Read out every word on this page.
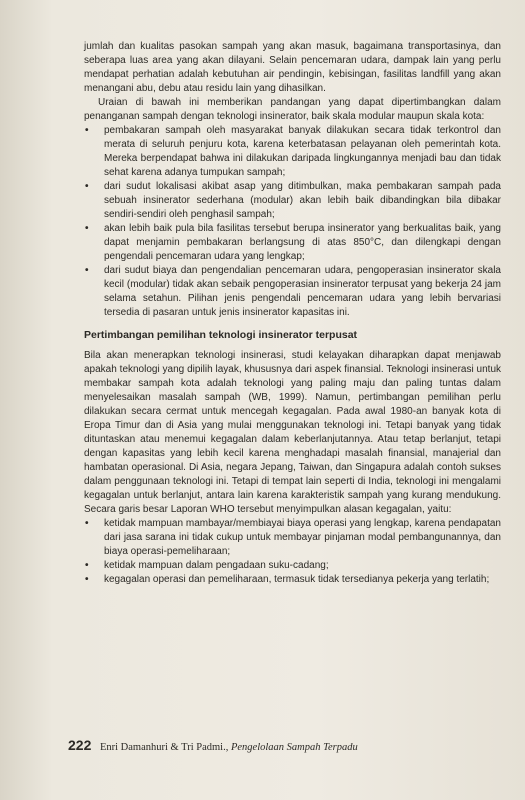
jumlah dan kualitas pasokan sampah yang akan masuk, bagaimana transportasinya, dan seberapa luas area yang akan dilayani. Selain pencemaran udara, dampak lain yang perlu mendapat perhatian adalah kebutuhan air pendingin, kebisingan, fasilitas landfill yang akan menangani abu, debu atau residu lain yang dihasilkan.

Uraian di bawah ini memberikan pandangan yang dapat dipertimbangkan dalam penanganan sampah dengan teknologi insinerator, baik skala modular maupun skala kota:

•	pembakaran sampah oleh masyarakat banyak dilakukan secara tidak terkontrol dan merata di seluruh penjuru kota, karena keterbatasan pelayanan oleh pemerintah kota. Mereka berpendapat bahwa ini dilakukan daripada lingkungannya menjadi bau dan tidak sehat karena adanya tumpukan sampah;
•	dari sudut lokalisasi akibat asap yang ditimbulkan, maka pembakaran sampah pada sebuah insinerator sederhana (modular) akan lebih baik dibandingkan bila dibakar sendiri-sendiri oleh penghasil sampah;
•	akan lebih baik pula bila fasilitas tersebut berupa insinerator yang berkualitas baik, yang dapat menjamin pembakaran berlangsung di atas 850°C, dan dilengkapi dengan pengendali pencemaran udara yang lengkap;
•	dari sudut biaya dan pengendalian pencemaran udara, pengoperasian insinerator skala kecil (modular) tidak akan sebaik pengoperasian insinerator terpusat yang bekerja 24 jam selama setahun. Pilihan jenis pengendali pencemaran udara yang lebih bervariasi tersedia di pasaran untuk jenis insinerator kapasitas ini.

Pertimbangan pemilihan teknologi insinerator terpusat

Bila akan menerapkan teknologi insinerasi, studi kelayakan diharapkan dapat menjawab apakah teknologi yang dipilih layak, khususnya dari aspek finansial. Teknologi insinerasi untuk membakar sampah kota adalah teknologi yang paling maju dan paling tuntas dalam menyelesaikan masalah sampah (WB, 1999). Namun, pertimbangan pemilihan perlu dilakukan secara cermat untuk mencegah kegagalan. Pada awal 1980-an banyak kota di Eropa Timur dan di Asia yang mulai menggunakan teknologi ini. Tetapi banyak yang tidak dituntaskan atau menemui kegagalan dalam keberlanjutannya. Atau tetap berlanjut, tetapi dengan kapasitas yang lebih kecil karena menghadapi masalah finansial, manajerial dan hambatan operasional. Di Asia, negara Jepang, Taiwan, dan Singapura adalah contoh sukses dalam penggunaan teknologi ini. Tetapi di tempat lain seperti di India, teknologi ini mengalami kegagalan untuk berlanjut, antara lain karena karakteristik sampah yang kurang mendukung. Secara garis besar Laporan WHO tersebut menyimpulkan alasan kegagalan, yaitu:

•	ketidak mampuan mambayar/membiayai biaya operasi yang lengkap, karena pendapatan dari jasa sarana ini tidak cukup untuk membayar pinjaman modal pembangunannya, dan biaya operasi-pemeliharaan;
•	ketidak mampuan dalam pengadaan suku-cadang;
•	kegagalan operasi dan pemeliharaan, termasuk tidak tersedianya pekerja yang terlatih;
222 Enri Damanhuri & Tri Padmi., Pengelolaan Sampah Terpadu
